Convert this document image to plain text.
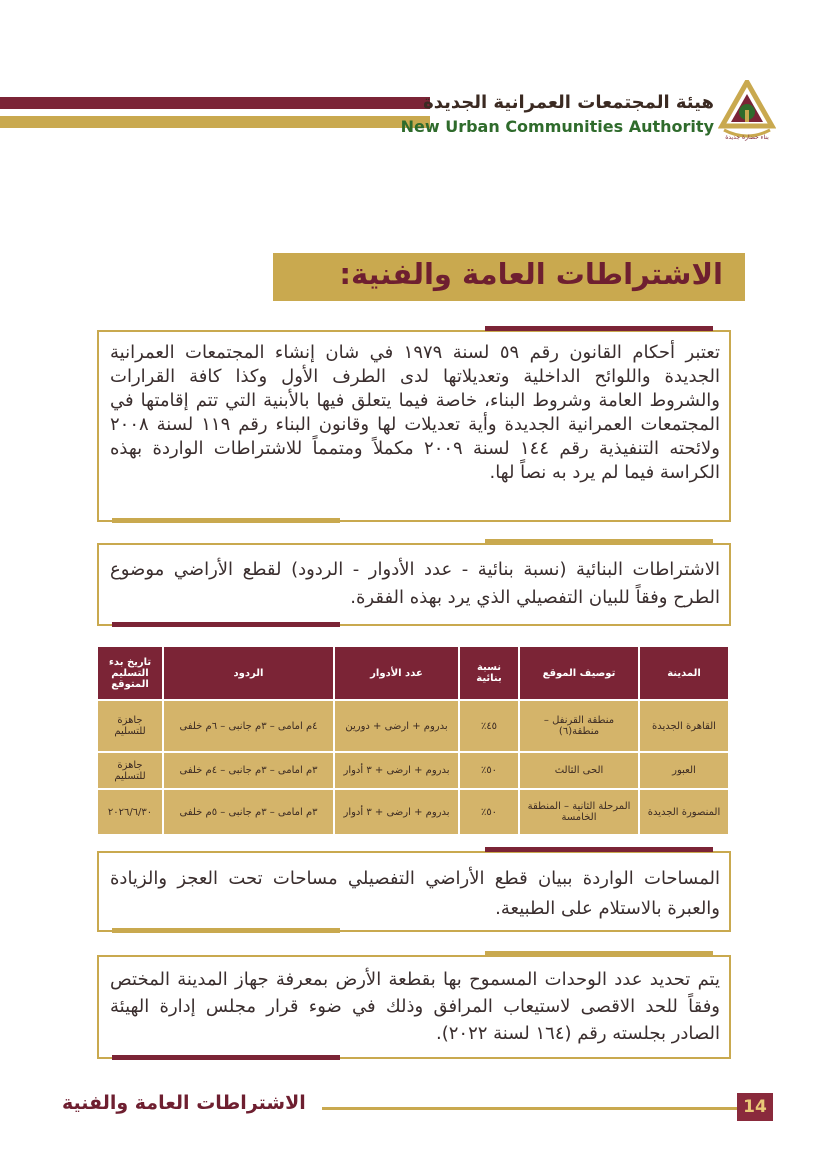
هيئة المجتمعات العمرانية الجديدة
New Urban Communities Authority
بناء حضارة جديدة
الاشتراطات العامة والفنية:
تعتبر أحكام القانون رقم ٥٩ لسنة ١٩٧٩ في شان إنشاء المجتمعات العمرانية الجديدة واللوائح الداخلية وتعديلاتها لدى الطرف الأول وكذا كافة القرارات والشروط العامة وشروط البناء، خاصة فيما يتعلق فيها بالأبنية التي تتم إقامتها في المجتمعات العمرانية الجديدة وأية تعديلات لها وقانون البناء رقم ١١٩ لسنة ٢٠٠٨ ولائحته التنفيذية رقم ١٤٤ لسنة ٢٠٠٩ مكملاً ومتمماً للاشتراطات الواردة بهذه الكراسة فيما لم يرد به نصاً لها.
الاشتراطات البنائية (نسبة بنائية - عدد الأدوار - الردود) لقطع الأراضي موضوع الطرح وفقاً للبيان التفصيلي الذي يرد بهذه الفقرة.
المدينة	توصيف الموقع	نسبة بنائية	عدد الأدوار	الردود	تاريخ بدء التسليم المتوقع
القاهرة الجديدة	منطقة القرنفل – منطقة(٦)	٤٥٪	بدروم + ارضى + دورين	٤م امامى – ٣م جانبى – ٦م خلفى	جاهزة للتسليم
العبور	الحى الثالث	٥٠٪	بدروم + ارضى + ٣ أدوار	٣م امامى – ٣م جانبى – ٤م خلفى	جاهزة للتسليم
المنصورة الجديدة	المرحلة الثانية – المنطقة الخامسة	٥٠٪	بدروم + ارضى + ٣ أدوار	٣م امامى – ٣م جانبى – ٥م خلفى	٢٠٢٦/٦/٣٠
المساحات الواردة ببيان قطع الأراضي التفصيلي مساحات تحت العجز والزيادة والعبرة بالاستلام على الطبيعة.
يتم تحديد عدد الوحدات المسموح بها بقطعة الأرض بمعرفة جهاز المدينة المختص وفقاً للحد الاقصى لاستيعاب المرافق وذلك في ضوء قرار مجلس إدارة الهيئة الصادر بجلسته رقم (١٦٤ لسنة ٢٠٢٢).
الاشتراطات العامة والفنية	14
